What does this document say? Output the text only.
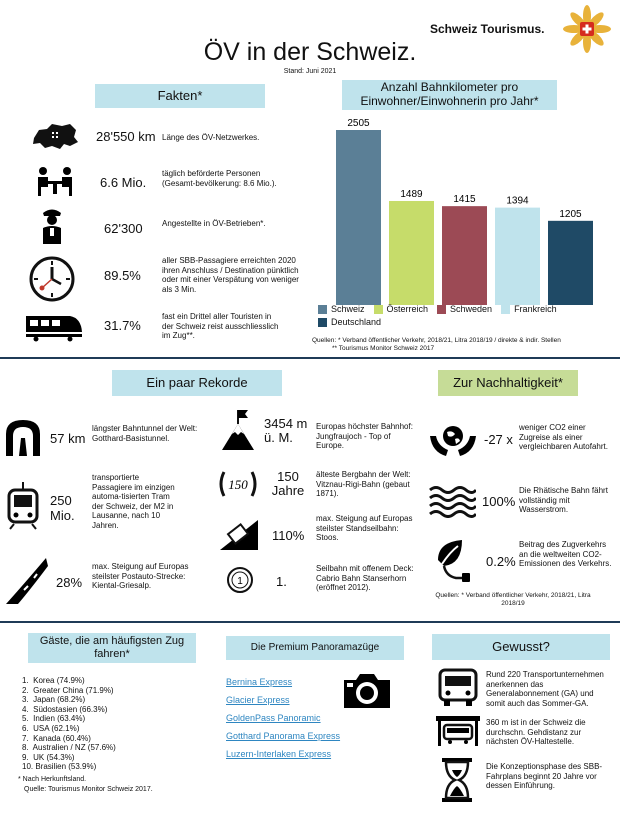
ÖV in der Schweiz.
Stand: Juni 2021
Schweiz Tourismus.
Fakten*
28'550 km Länge des ÖV-Netzwerkes.
6.6 Mio.
täglich beförderte Personen (Gesamt-bevölkerung: 8.6 Mio.).
62'300 Angestellte in ÖV-Betrieben*.
89.5%
aller SBB-Passagiere erreichten 2020 ihren Anschluss / Destination pünktlich oder mit einer Verspätung von weniger als 3 Min.
31.7%
fast ein Drittel aller Touristen in der Schweiz reist ausschliesslich im Zug**.
Anzahl Bahnkilometer pro Einwohner/Einwohnerin pro Jahr*
2505
1489	1415	1394
1205
Schweiz Österreich Schweden Frankreich
Deutschland
Quellen: * Verband öffentlicher Verkehr, 2018/21, Litra 2018/19 / direkte & indir. Stellen
** Tourismus Monitor Schweiz 2017
Ein paar Rekorde
57 km
längster Bahntunnel der Welt: Gotthard-Basistunnel.
250 Mio.
transportierte Passagiere im einzigen automa-tisierten Tram der Schweiz, der M2 in Lausanne, nach 10 Jahren.
28%
max. Steigung auf Europas steilster Postauto-Strecke: Kiental-Griesalp.
3454 m ü. M.
Europas höchster Bahnhof: Jungfraujoch - Top of Europe.
150
150 Jahre
älteste Bergbahn der Welt: Vitznau-Rigi-Bahn (gebaut 1871).
110%
max. Steigung auf Europas steilster Standseilbahn: Stoos.
1	1.
Seilbahn mit offenem Deck: Cabrio Bahn Stanserhorn (eröffnet 2012).
Zur Nachhaltigkeit*
-27 x
weniger CO2 einer Zugreise als einer vergleichbaren Autofahrt.
100%
Die Rhätische Bahn fährt vollständig mit Wasserstrom.
0.2%
Beitrag des Zugverkehrs an die weltweiten CO2-Emissionen des Verkehrs.
Quellen: * Verband öffentlicher Verkehr, 2018/21, Litra 2018/19
Gäste, die am häufigsten Zug fahren*
1.  Korea (74.9%)
2.  Greater China (71.9%)
3.  Japan (68.2%)
4.  Südostasien (66.3%)
5.  Indien (63.4%)
6.  USA (62.1%)
7.  Kanada (60.4%)
8.  Australien / NZ (57.6%)
9.  UK (54.3%)
10. Brasilien (53.9%)
* Nach Herkunftsland.
Quelle: Tourismus Monitor Schweiz 2017.
Die Premium Panoramazüge
Bernina Express
Glacier Express
GoldenPass Panoramic
Gotthard Panorama Express
Luzern-Interlaken Express
Gewusst?
Rund 220 Transportunternehmen anerkennen das Generalabonnement (GA) und somit auch das Sommer-GA.
360 m ist in der Schweiz die durchschn. Gehdistanz zur nächsten ÖV-Haltestelle.
Die Konzeptionsphase des SBB-Fahrplans beginnt 20 Jahre vor dessen Einführung.
